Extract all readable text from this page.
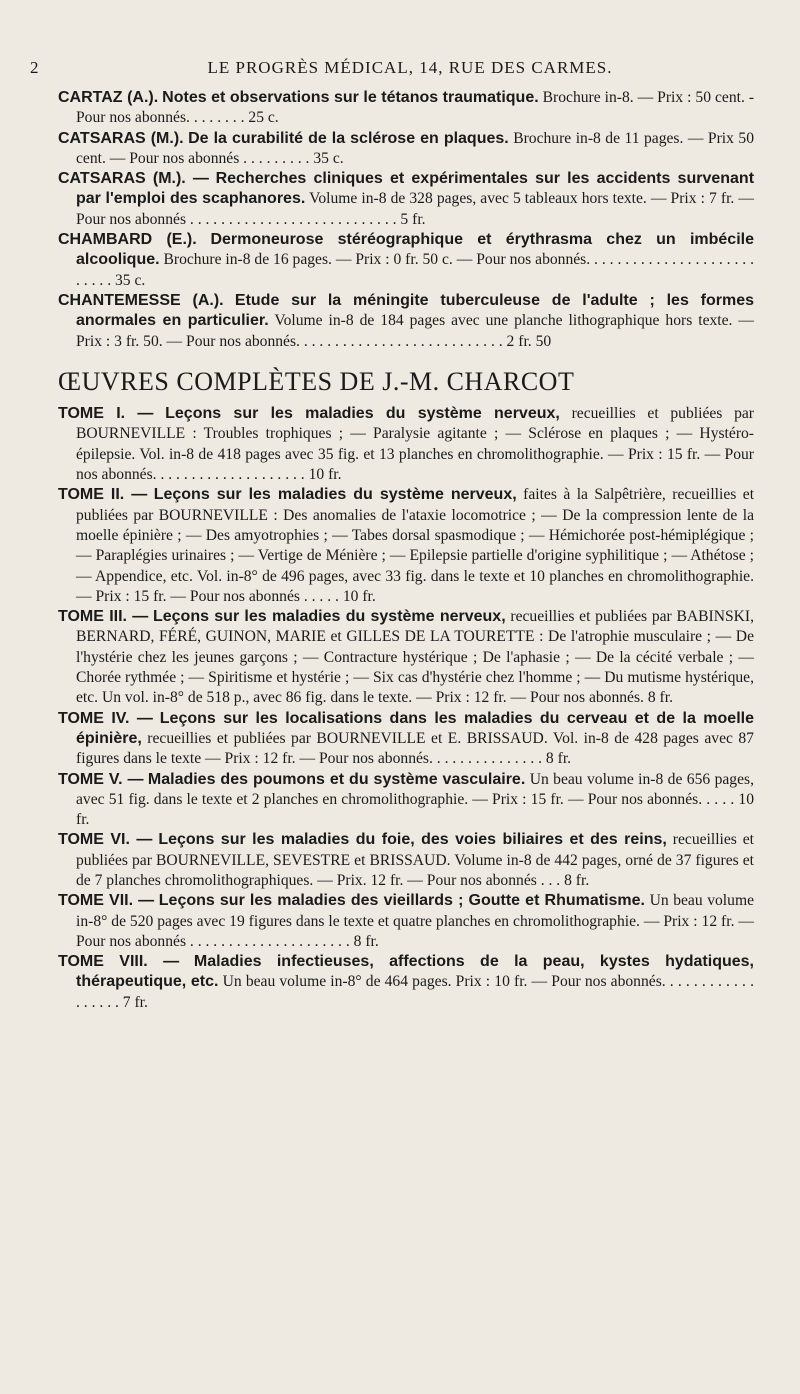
2	LE PROGRÈS MÉDICAL, 14, RUE DES CARMES.
CARTAZ (A.). Notes et observations sur le tétanos traumatique. Brochure in-8. — Prix : 50 cent. - Pour nos abonnés. . . . . . . . 25 c.
CATSARAS (M.). De la curabilité de la sclérose en plaques. Brochure in-8 de 11 pages. — Prix 50 cent. — Pour nos abonnés . . . . . . . . . 35 c.
CATSARAS (M.). — Recherches cliniques et expérimentales sur les accidents survenant par l'emploi des scaphanores. Volume in-8 de 328 pages, avec 5 tableaux hors texte. — Prix : 7 fr. — Pour nos abonnés . . . . . . . . . . . . . . . . . . . . . . . . . . . 5 fr.
CHAMBARD (E.). Dermoneurose stéréographique et érythrasma chez un imbécile alcoolique. Brochure in-8 de 16 pages. — Prix : 0 fr. 50 c. — Pour nos abonnés. . . . . . . . . . . . . . . . . . . . . . . . . . . 35 c.
CHANTEMESSE (A.). Etude sur la méningite tuberculeuse de l'adulte ; les formes anormales en particulier. Volume in-8 de 184 pages avec une planche lithographique hors texte. — Prix : 3 fr. 50. — Pour nos abonnés. . . . . . . . . . . . . . . . . . . . . . . . . . . 2 fr. 50
ŒUVRES COMPLÈTES DE J.-M. CHARCOT
TOME I. — Leçons sur les maladies du système nerveux, recueillies et publiées par BOURNEVILLE : Troubles trophiques ; — Paralysie agitante ; — Sclérose en plaques ; — Hystéro-épilepsie. Vol. in-8 de 418 pages avec 35 fig. et 13 planches en chromolithographie. — Prix : 15 fr. — Pour nos abonnés. . . . . . . . . . . . . . . . . . . . 10 fr.
TOME II. — Leçons sur les maladies du système nerveux, faites à la Salpêtrière, recueillies et publiées par BOURNEVILLE : Des anomalies de l'ataxie locomotrice ; — De la compression lente de la moelle épinière ; — Des amyotrophies ; — Tabes dorsal spasmodique ; — Hémichorée post-hémiplégique ; — Paraplégies urinaires ; — Vertige de Ménière ; — Epilepsie partielle d'origine syphilitique ; — Athétose ; — Appendice, etc. Vol. in-8° de 496 pages, avec 33 fig. dans le texte et 10 planches en chromolithographie. — Prix : 15 fr. — Pour nos abonnés . . . . . 10 fr.
TOME III. — Leçons sur les maladies du système nerveux, recueillies et publiées par BABINSKI, BERNARD, FÉRÉ, GUINON, MARIE et GILLES DE LA TOURETTE : De l'atrophie musculaire ; — De l'hystérie chez les jeunes garçons ; — Contracture hystérique ; De l'aphasie ; — De la cécité verbale ; — Chorée rythmée ; — Spiritisme et hystérie ; — Six cas d'hystérie chez l'homme ; — Du mutisme hystérique, etc. Un vol. in-8° de 518 p., avec 86 fig. dans le texte. — Prix : 12 fr. — Pour nos abonnés. 8 fr.
TOME IV. — Leçons sur les localisations dans les maladies du cerveau et de la moelle épinière, recueillies et publiées par BOURNEVILLE et E. BRISSAUD. Vol. in-8 de 428 pages avec 87 figures dans le texte — Prix : 12 fr. — Pour nos abonnés. . . . . . . . . . . . . . . 8 fr.
TOME V. — Maladies des poumons et du système vasculaire. Un beau volume in-8 de 656 pages, avec 51 fig. dans le texte et 2 planches en chromolithographie. — Prix : 15 fr. — Pour nos abonnés. . . . . 10 fr.
TOME VI. — Leçons sur les maladies du foie, des voies biliaires et des reins, recueillies et publiées par BOURNEVILLE, SEVESTRE et BRISSAUD. Volume in-8 de 442 pages, orné de 37 figures et de 7 planches chromolithographiques. — Prix. 12 fr. — Pour nos abonnés . . . 8 fr.
TOME VII. — Leçons sur les maladies des vieillards ; Goutte et Rhumatisme. Un beau volume in-8° de 520 pages avec 19 figures dans le texte et quatre planches en chromolithographie. — Prix : 12 fr. — Pour nos abonnés . . . . . . . . . . . . . . . . . . . . . 8 fr.
TOME VIII. — Maladies infectieuses, affections de la peau, kystes hydatiques, thérapeutique, etc. Un beau volume in-8° de 464 pages. Prix : 10 fr. — Pour nos abonnés. . . . . . . . . . . . . . . . . . 7 fr.
